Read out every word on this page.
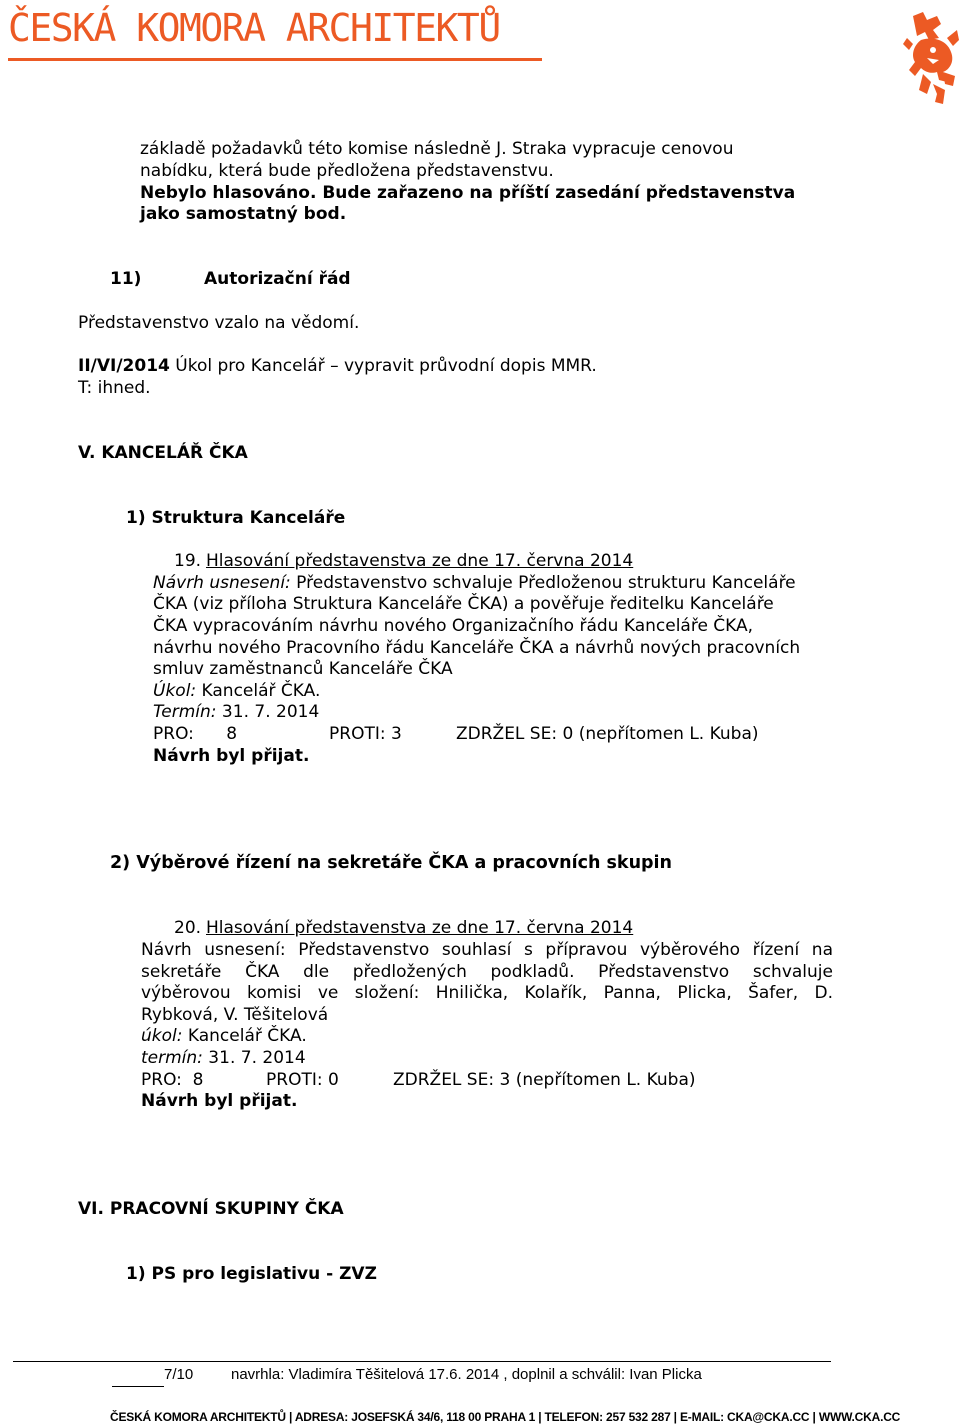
ČESKÁ KOMORA ARCHITEKTŮ
základě požadavků této komise následně J. Straka vypracuje cenovou
nabídku, která bude předložena představenstvu.
Nebylo hlasováno. Bude zařazeno na příští zasedání představenstva
jako samostatný bod.
11)	Autorizační řád
Představenstvo vzalo na vědomí.
II/VI/2014 Úkol pro Kancelář – vypravit průvodní dopis MMR.
T: ihned.
V. KANCELÁŘ ČKA
1) Struktura Kanceláře
19. Hlasování představenstva ze dne 17. června 2014
Návrh usnesení: Představenstvo schvaluje Předloženou strukturu Kanceláře
ČKA (viz příloha Struktura Kanceláře ČKA) a pověřuje ředitelku Kanceláře
ČKA vypracováním návrhu nového Organizačního řádu Kanceláře ČKA,
návrhu nového Pracovního řádu Kanceláře ČKA a návrhů nových pracovních
smluv zaměstnanců Kanceláře ČKA
Úkol: Kancelář ČKA.
Termín: 31. 7. 2014
PRO:      8	PROTI: 3	ZDRŽEL SE: 0 (nepřítomen L. Kuba)
Návrh byl přijat.
2) Výběrové řízení na sekretáře ČKA a pracovních skupin
20. Hlasování představenstva ze dne 17. června 2014
Návrh usnesení: Představenstvo souhlasí s přípravou výběrového řízení na
sekretáře ČKA dle předložených podkladů. Představenstvo schvaluje
výběrovou komisi ve složení: Hnilička, Kolařík, Panna, Plicka, Šafer, D.
Rybková, V. Těšitelová
úkol: Kancelář ČKA.
termín: 31. 7. 2014
PRO:  8	PROTI: 0	ZDRŽEL SE: 3 (nepřítomen L. Kuba)
Návrh byl přijat.
VI. PRACOVNÍ SKUPINY ČKA
1) PS pro legislativu - ZVZ
7/10	navrhla: Vladimíra Těšitelová 17.6. 2014 , doplnil a schválil: Ivan Plicka
ČESKÁ KOMORA ARCHITEKTŮ | ADRESA: JOSEFSKÁ 34/6, 118 00 PRAHA 1 | TELEFON: 257 532 287 | E-MAIL: CKA@CKA.CC | WWW.CKA.CC
